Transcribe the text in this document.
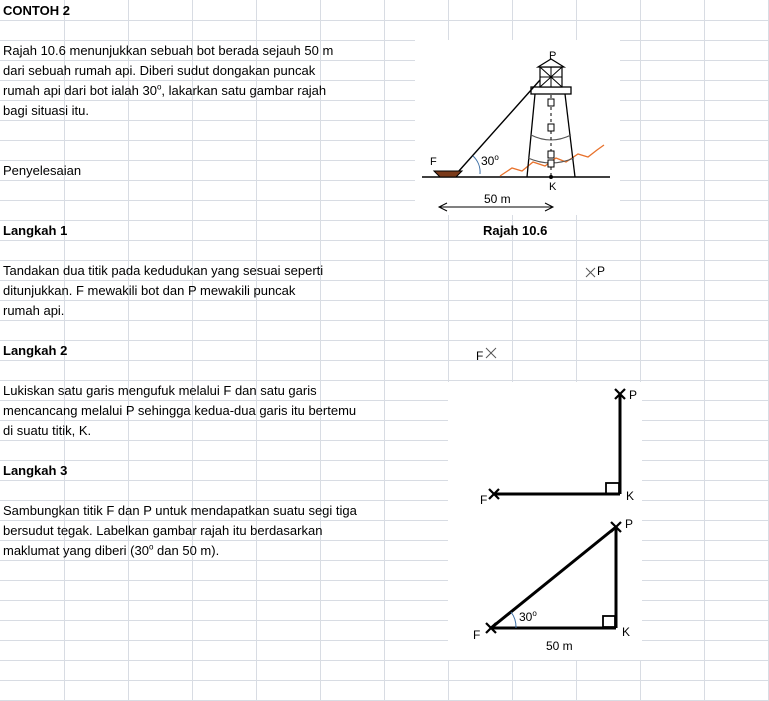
CONTOH 2
Rajah 10.6 menunjukkan sebuah bot berada sejauh 50 m
dari sebuah rumah api. Diberi sudut dongakan puncak
rumah api dari bot ialah 30$^o$, lakarkan satu gambar rajah
bagi situasi itu.
Penyelesaian
Langkah 1
Tandakan dua titik pada kedudukan yang sesuai seperti
ditunjukkan. F mewakili bot dan P mewakili puncak
rumah api.
Langkah 2
Lukiskan satu garis mengufuk melalui F dan satu garis
mencancang melalui P sehingga kedua-dua garis itu bertemu
di suatu titik, K.
Langkah 3
Sambungkan titik F dan P untuk mendapatkan suatu segi tiga
bersudut tegak. Labelkan gambar rajah itu berdasarkan
maklumat yang diberi (30$^o$ dan 50 m).
Rajah 10.6
P
F
K
30$^o$
50 m
P
F
P
F	K
P
F	K
30$^o$
50 m
